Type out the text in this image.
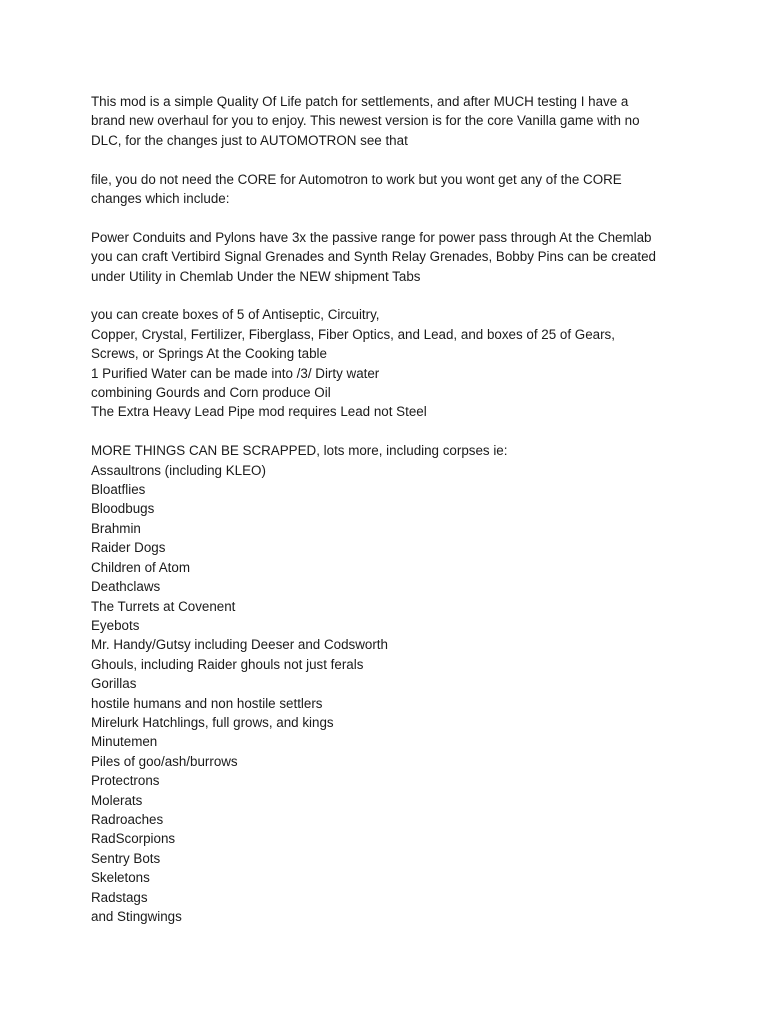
This mod is a simple Quality Of Life patch for settlements, and after MUCH testing I have a
brand new overhaul for you to enjoy. This newest version is for the core Vanilla game with no
DLC, for the changes just to AUTOMOTRON see that
file, you do not need the CORE for Automotron to work but you wont get any of the CORE
changes which include:
Power Conduits and Pylons have 3x the passive range for power pass through At the Chemlab
you can craft Vertibird Signal Grenades and Synth Relay Grenades, Bobby Pins can be created
under Utility in Chemlab Under the NEW shipment Tabs
you can create boxes of 5 of Antiseptic, Circuitry,
Copper, Crystal, Fertilizer, Fiberglass, Fiber Optics, and Lead, and boxes of 25 of Gears,
Screws, or Springs At the Cooking table
1 Purified Water can be made into /3/ Dirty water
combining Gourds and Corn produce Oil
The Extra Heavy Lead Pipe mod requires Lead not Steel
MORE THINGS CAN BE SCRAPPED, lots more, including corpses ie:
Assaultrons (including KLEO)
Bloatflies
Bloodbugs
Brahmin
Raider Dogs
Children of Atom
Deathclaws
The Turrets at Covenent
Eyebots
Mr. Handy/Gutsy including Deeser and Codsworth
Ghouls, including Raider ghouls not just ferals
Gorillas
hostile humans and non hostile settlers
Mirelurk Hatchlings, full grows, and kings
Minutemen
Piles of goo/ash/burrows
Protectrons
Molerats
Radroaches
RadScorpions
Sentry Bots
Skeletons
Radstags
and Stingwings
